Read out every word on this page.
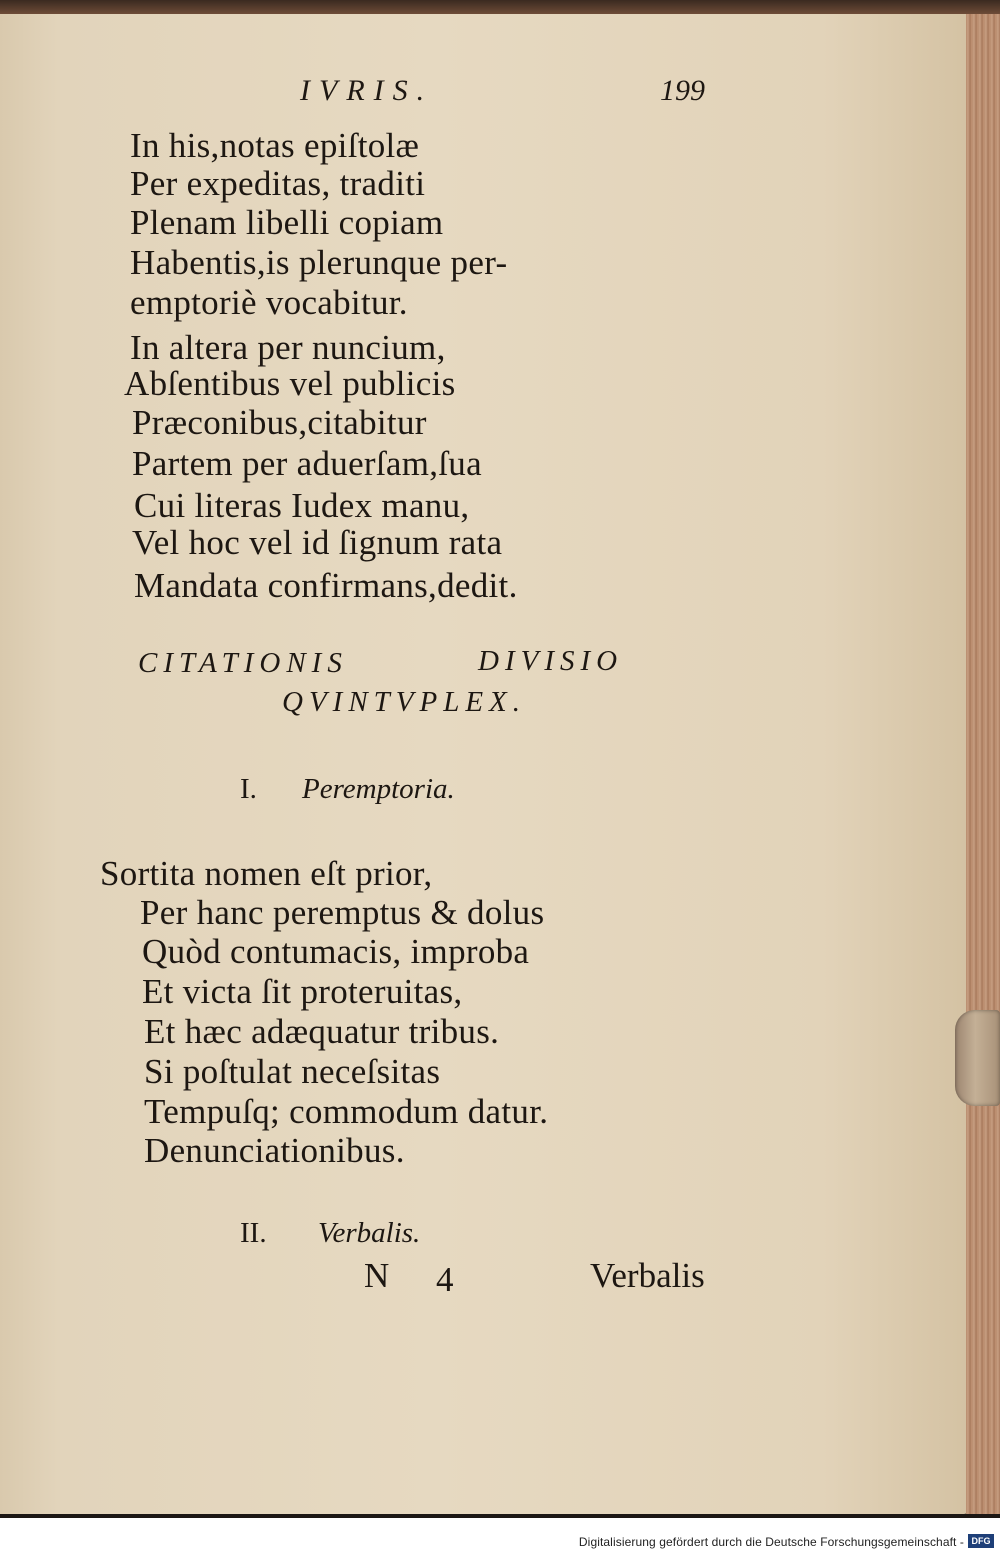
IVRIS.	199
In his,notas epiſtolæ
Per expeditas, traditi
Plenam libelli copiam
Habentis,is plerunque per-
emptoriè vocabitur.
In altera per nuncium,
Abſentibus vel publicis
Præconibus,citabitur
Partem per aduerſam,ſua
Cui literas Iudex manu,
Vel hoc vel id ſignum rata
Mandata confirmans,dedit.
CITATIONIS	DIVISIO
QVINTVPLEX.
I. Peremptoria.
Sortita nomen eſt prior,
Per hanc peremptus & dolus
Quòd contumacis, improba
Et victa ſit proteruitas,
Et hæc adæquatur tribus.
Si poſtulat neceſsitas
Tempuſq; commodum datur.
Denunciationibus.
II. Verbalis.
N 4	Verbalis
Digitalisierung gefördert durch die Deutsche Forschungsgemeinschaft - DFG
